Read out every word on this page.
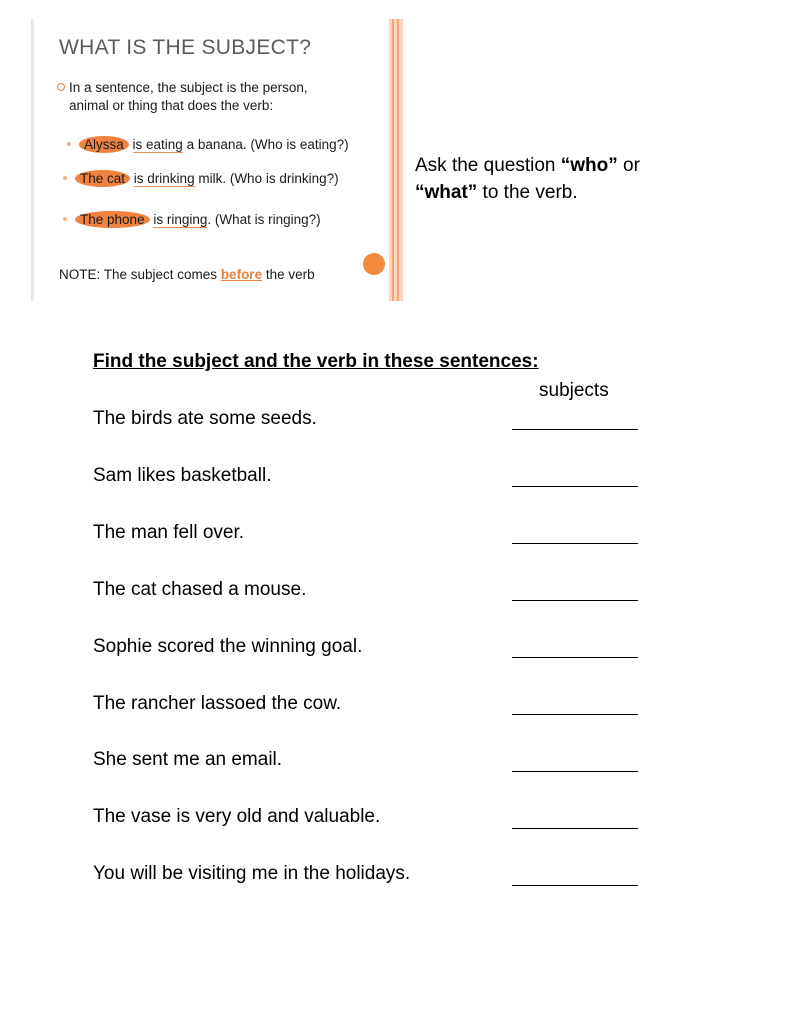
WHAT IS THE SUBJECT?
In a sentence, the subject is the person,
animal or thing that does the verb:
Alyssa is eating a banana. (Who is eating?)
The cat is drinking milk. (Who is drinking?)
The phone is ringing. (What is ringing?)
NOTE: The subject comes before the verb
Ask the question “who” or
“what” to the verb.
Find the subject and the verb in these sentences:
subjects
The birds ate some seeds.
Sam likes basketball.
The man fell over.
The cat chased a mouse.
Sophie scored the winning goal.
The rancher lassoed the cow.
She sent me an email.
The vase is very old and valuable.
You will be visiting me in the holidays.
